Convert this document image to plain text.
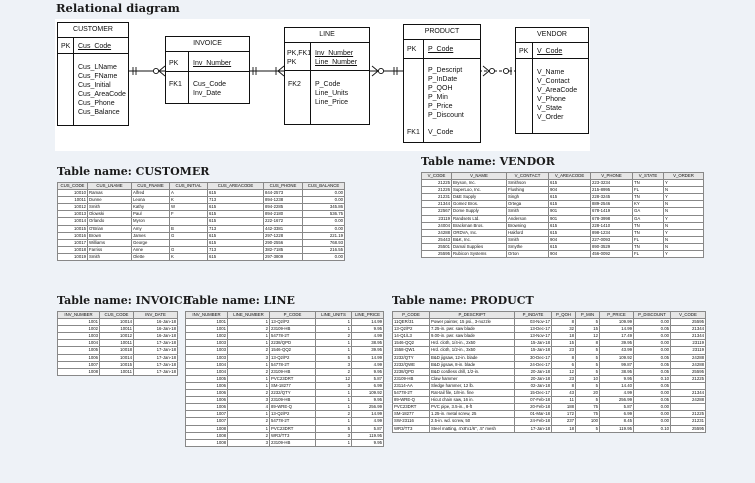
Relational diagram
CUSTOMER
PK Cus_Code
Cus_LName
Cus_FName
Cus_Initial
Cus_AreaCode
Cus_Phone
Cus_Balance
INVOICE
PK Inv_Number
FK1 Cus_Code
Inv_Date
LINE
PK,FK1
PK
Inv_Number
Line_Number
FK2 P_Code
Line_Units
Line_Price
PRODUCT
PK P_Code
P_Descript
P_InDate
P_QOH
P_Min
P_Price
P_Discount
FK1 V_Code
VENDOR
PK V_Code
V_Name
V_Contact
V_AreaCode
V_Phone
V_State
V_Order
Table name: CUSTOMER
Table name: VENDOR
Table name: INVOICE
Table name: LINE	Table name: PRODUCT
CUS_CODE	CUS_LNAME	CUS_FNAME	CUS_INITIAL	CUS_AREACODE	CUS_PHONE	CUS_BALANCE
10010	Ramas	Alfred	A	615	844-2573	0.00
10011	Dunne	Leona	K	713	894-1238	0.00
10012	Smith	Kathy	W	615	894-2285	345.86
10013	Olowski	Paul	F	615	894-2180	536.75
10014	Orlando	Myron		615	222-1672	0.00
10015	O'Brian	Amy	B	713	442-3381	0.00
10016	Brown	James	G	615	297-1228	221.19
10017	Williams	George		615	290-2556	768.93
10018	Farriss	Anne	G	713	382-7185	216.55
10019	Smith	Olette	K	615	297-3809	0.00
V_CODE	V_NAME	V_CONTACT	V_AREACODE	V_PHONE	V_STATE	V_ORDER
21225	Bryson, Inc.	Smithson	615	223-3234	TN	Y
21226	SuperLoo, Inc.	Flushing	904	215-8995	FL	N
21231	D&E Supply	Singh	615	228-3245	TN	Y
21344	Gomez Bros.	Ortega	615	889-2546	KY	N
22567	Dome Supply	Smith	901	678-1419	GA	N
23119	Randsets Ltd.	Anderson	901	678-3998	GA	Y
24004	Brackman Bros.	Browning	615	228-1410	TN	N
24288	ORDVA, Inc.	Hakford	615	898-1234	TN	Y
25443	B&K, Inc.	Smith	904	227-0093	FL	N
25501	Damal Supplies	Smythe	615	890-3529	TN	N
25595	Rubicon Systems	Orton	904	456-0092	FL	Y
INV_NUMBER	CUS_CODE	INV_DATE
1001	10014	16-Jan-18
1002	10011	16-Jan-18
1003	10012	16-Jan-18
1004	10011	17-Jan-18
1005	10018	17-Jan-18
1006	10014	17-Jan-18
1007	10015	17-Jan-18
1008	10011	17-Jan-18
INV_NUMBER	LINE_NUMBER	P_CODE	LINE_UNITS	LINE_PRICE
1001	1	13-Q2/P2	1	14.99
1001	2	23109-HB	1	9.95
1002	1	54778-2T	2	4.99
1003	1	2238/QPD	1	38.95
1003	2	1546-QQ2	1	39.95
1003	3	13-Q2/P2	5	14.99
1004	1	54778-2T	3	4.99
1004	2	23109-HB	2	9.95
1005	1	PVC23DRT	12	5.87
1006	1	SM-18277	3	6.99
1006	2	2232/QTY	1	109.92
1006	3	23109-HB	1	9.95
1006	4	89-WRE-Q	1	256.99
1007	1	13-Q2/P2	2	14.99
1007	2	54778-2T	1	4.99
1008	1	PVC23DRT	5	5.87
1008	2	WR3/TT3	3	119.95
1008	3	23109-HB	1	9.95
P_CODE	P_DESCRIPT	P_INDATE	P_QOH	P_MIN	P_PRICE	P_DISCOUNT	V_CODE
11QER/31	Power painter, 15 psi., 3-nozzle	03-Nov-17	8	5	109.99	0.00	25595
13-Q2/P2	7.25-in. pwr. saw blade	13-Dec-17	32	15	14.99	0.05	21344
14-Q1/L3	9.00-in. pwr. saw blade	13-Nov-17	18	12	17.49	0.00	21344
1546-QQ2	Hrd. cloth, 1/4-in., 2x50	15-Jan-18	15	8	39.95	0.00	23119
1558-QW1	Hrd. cloth, 1/2-in., 3x50	15-Jan-18	23	5	43.99	0.00	23119
2232/QTY	B&D jigsaw, 12-in. blade	30-Dec-17	8	5	109.92	0.05	24288
2232/QWE	B&D jigsaw, 8-in. blade	24-Dec-17	6	5	99.87	0.05	24288
2238/QPD	B&D cordless drill, 1/2-in.	20-Jan-18	12	5	38.95	0.05	25595
23109-HB	Claw hammer	20-Jan-18	23	10	9.95	0.10	21225
23114-AA	Sledge hammer, 12 lb.	02-Jan-18	8	5	14.40	0.05	
54778-2T	Rat-tail file, 1/8-in. fine	15-Dec-17	43	20	4.99	0.00	21344
89-WRE-Q	Hicut chain saw, 16 in.	07-Feb-18	11	5	256.99	0.05	24288
PVC23DRT	PVC pipe, 3.5-in., 8-ft	20-Feb-18	188	75	5.87	0.00	
SM-18277	1.25-in. metal screw, 25	01-Mar-18	172	75	6.99	0.00	21225
SW-23116	2.5-in. wd. screw, 50	24-Feb-18	237	100	8.45	0.00	21231
WR3/TT3	Steel matting, 4'x8'x1/6", .5" mesh	17-Jan-18	18	5	119.95	0.10	25595
